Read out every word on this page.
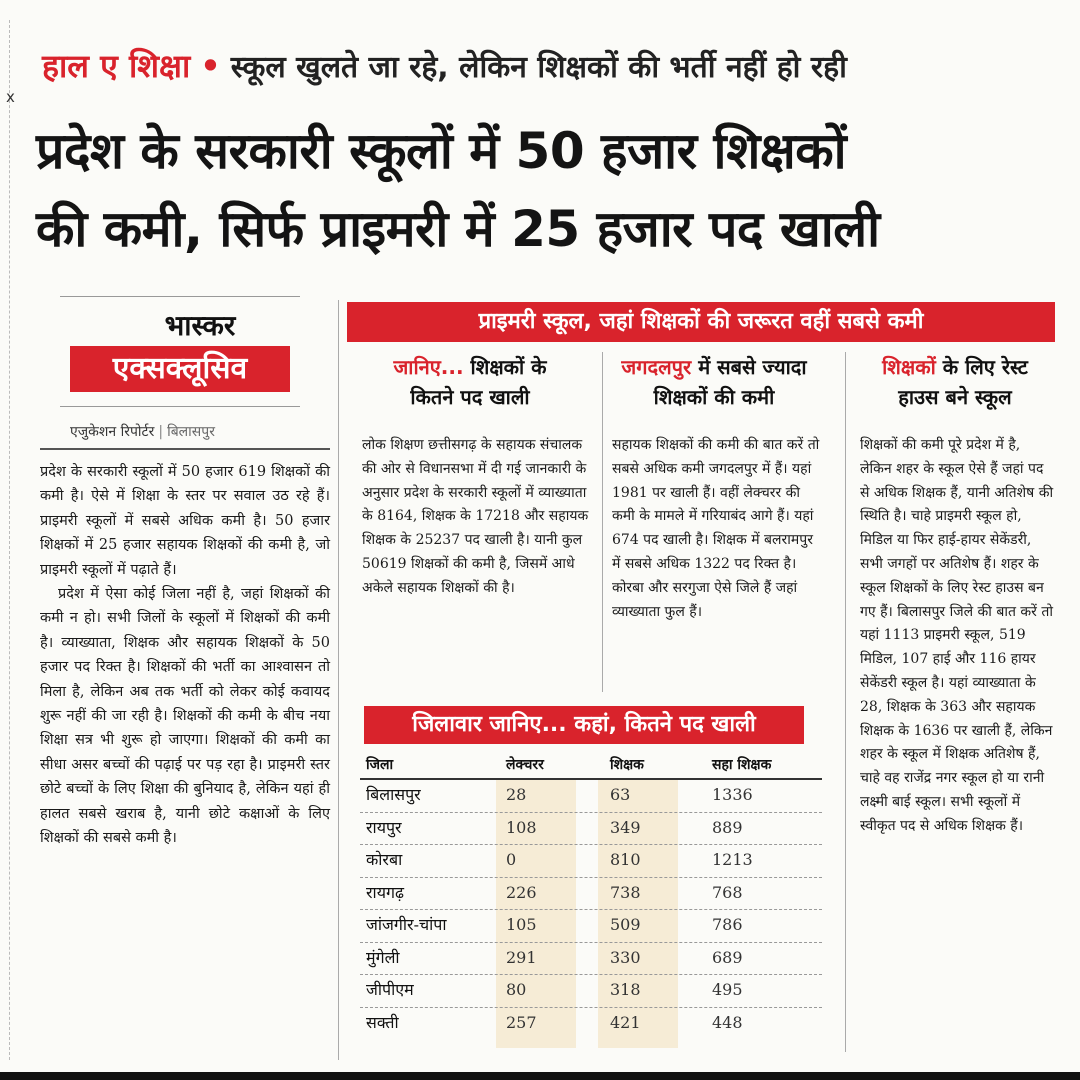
x
हाल ए शिक्षा • स्कूल खुलते जा रहे, लेकिन शिक्षकों की भर्ती नहीं हो रही
प्रदेश के सरकारी स्कूलों में 50 हजार शिक्षकों
की कमी, सिर्फ प्राइमरी में 25 हजार पद खाली
भास्कर
एक्सक्लूसिव
एजुकेशन रिपोर्टर | बिलासपुर

प्रदेश के सरकारी स्कूलों में 50 हजार 619 शिक्षकों की कमी है। ऐसे में शिक्षा के स्तर पर सवाल उठ रहे हैं। प्राइमरी स्कूलों में सबसे अधिक कमी है। 50 हजार शिक्षकों में 25 हजार सहायक शिक्षकों की कमी है, जो प्राइमरी स्कूलों में पढ़ाते हैं।

प्रदेश में ऐसा कोई जिला नहीं है, जहां शिक्षकों की कमी न हो। सभी जिलों के स्कूलों में शिक्षकों की कमी है। व्याख्याता, शिक्षक और सहायक शिक्षकों के 50 हजार पद रिक्त है। शिक्षकों की भर्ती का आश्वासन तो मिला है, लेकिन अब तक भर्ती को लेकर कोई कवायद शुरू नहीं की जा रही है। शिक्षकों की कमी के बीच नया शिक्षा सत्र भी शुरू हो जाएगा। शिक्षकों की कमी का सीधा असर बच्चों की पढ़ाई पर पड़ रहा है। प्राइमरी स्तर छोटे बच्चों के लिए शिक्षा की बुनियाद है, लेकिन यहां ही हालत सबसे खराब है, यानी छोटे कक्षाओं के लिए शिक्षकों की सबसे कमी है।

प्राइमरी स्कूल, जहां शिक्षकों की जरूरत वहीं सबसे कमी
जानिए... शिक्षकों के
कितने पद खाली
लोक शिक्षण छत्तीसगढ़ के सहायक संचालक की ओर से विधानसभा में दी गई जानकारी के अनुसार प्रदेश के सरकारी स्कूलों में व्याख्याता के 8164, शिक्षक के 17218 और सहायक शिक्षक के 25237 पद खाली है। यानी कुल 50619 शिक्षकों की कमी है, जिसमें आधे अकेले सहायक शिक्षकों की है।
जगदलपुर में सबसे ज्यादा
शिक्षकों की कमी
सहायक शिक्षकों की कमी की बात करें तो सबसे अधिक कमी जगदलपुर में हैं। यहां 1981 पर खाली हैं। वहीं लेक्चरर की कमी के मामले में गरियाबंद आगे हैं। यहां 674 पद खाली है। शिक्षक में बलरामपुर में सबसे अधिक 1322 पद रिक्त है। कोरबा और सरगुजा ऐसे जिले हैं जहां व्याख्याता फुल हैं।
शिक्षकों के लिए रेस्ट
हाउस बने स्कूल
शिक्षकों की कमी पूरे प्रदेश में है, लेकिन शहर के स्कूल ऐसे हैं जहां पद से अधिक शिक्षक हैं, यानी अतिशेष की स्थिति है। चाहे प्राइमरी स्कूल हो, मिडिल या फिर हाई-हायर सेकेंडरी, सभी जगहों पर अतिशेष हैं। शहर के स्कूल शिक्षकों के लिए रेस्ट हाउस बन गए हैं। बिलासपुर जिले की बात करें तो यहां 1113 प्राइमरी स्कूल, 519 मिडिल, 107 हाई और 116 हायर सेकेंडरी स्कूल है। यहां व्याख्याता के 28, शिक्षक के 363 और सहायक शिक्षक के 1636 पर खाली हैं, लेकिन शहर के स्कूल में शिक्षक अतिशेष हैं, चाहे वह राजेंद्र नगर स्कूल हो या रानी लक्ष्मी बाई स्कूल। सभी स्कूलों में स्वीकृत पद से अधिक शिक्षक हैं।
जिलावार जानिए... कहां, कितने पद खाली
जिला	लेक्चरर	शिक्षक	सहा शिक्षक
बिलासपुर	28	63	1336
रायपुर	108	349	889
कोरबा	0	810	1213
रायगढ़	226	738	768
जांजगीर-चांपा	105	509	786
मुंगेली	291	330	689
जीपीएम	80	318	495
सक्ती	257	421	448
